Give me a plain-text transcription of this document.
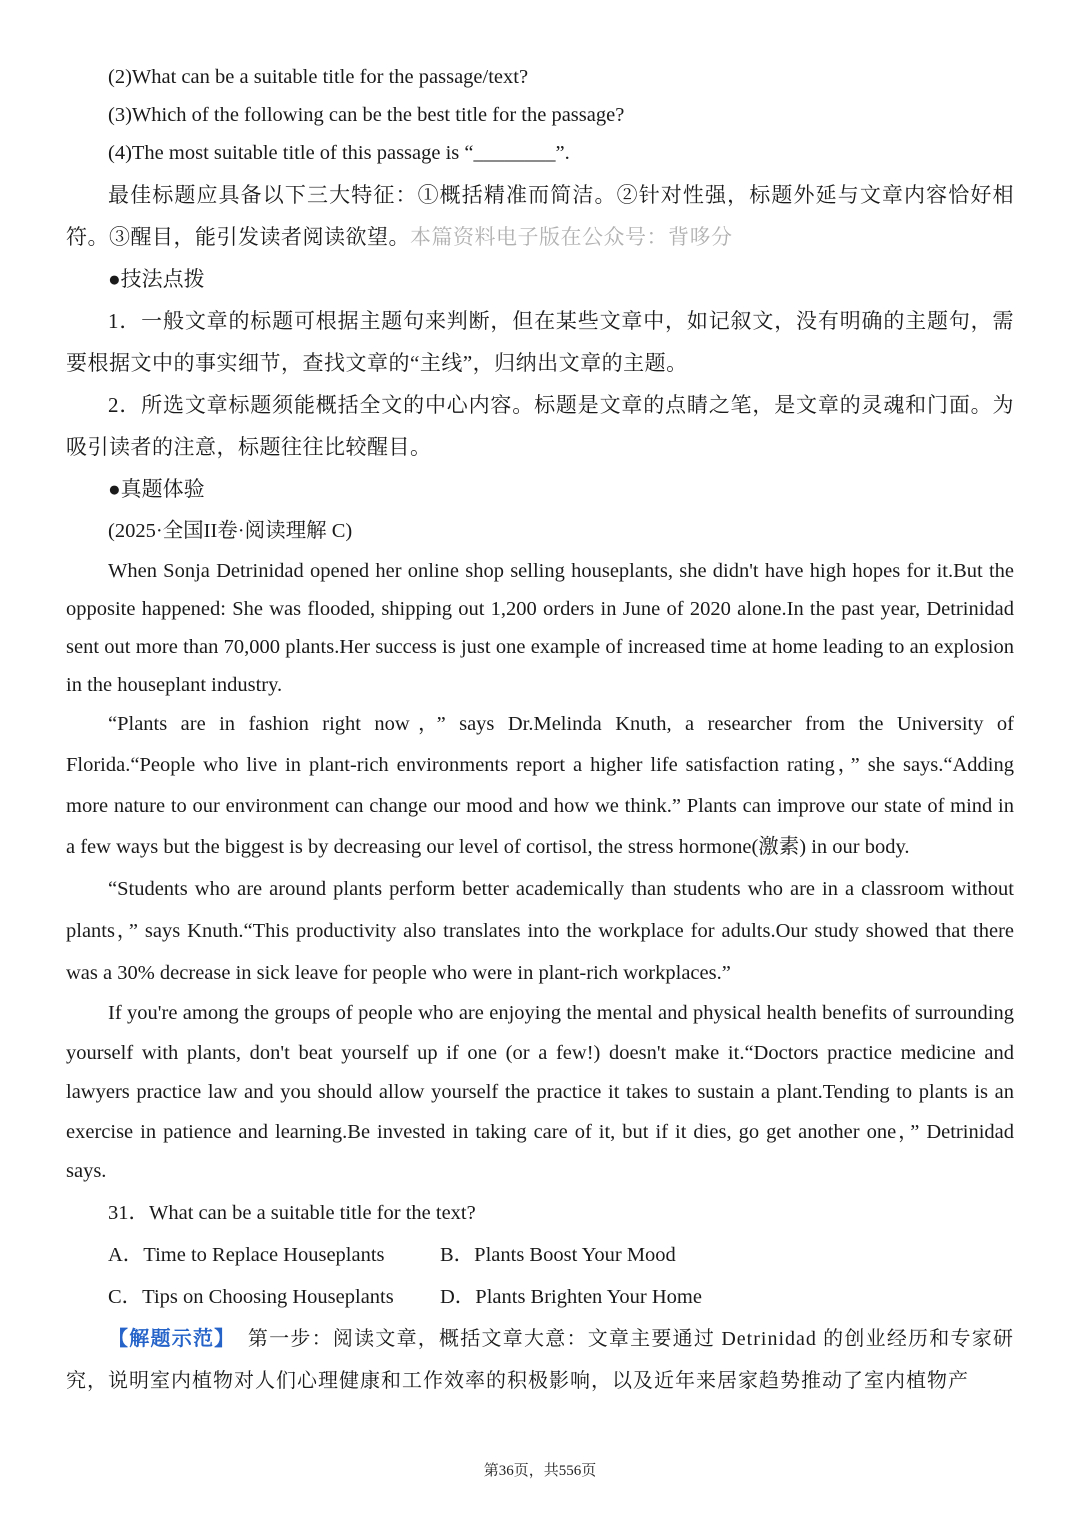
(2)What can be a suitable title for the passage/text?
(3)Which of the following can be the best title for the passage?
(4)The most suitable title of this passage is “________”.
最佳标题应具备以下三大特征：①概括精准而简洁。②针对性强，标题外延与文章内容恰好相符。③醒目，能引发读者阅读欲望。本篇资料电子版在公众号：背哆分
●技法点拨
1．一般文章的标题可根据主题句来判断，但在某些文章中，如记叙文，没有明确的主题句，需要根据文中的事实细节，查找文章的“主线”，归纳出文章的主题。
2．所选文章标题须能概括全文的中心内容。标题是文章的点睛之笔，是文章的灵魂和门面。为吸引读者的注意，标题往往比较醒目。
●真题体验
(2025·全国II卷·阅读理解 C)
When Sonja Detrinidad opened her online shop selling houseplants, she didn't have high hopes for it.But the opposite happened: She was flooded, shipping out 1,200 orders in June of 2020 alone.In the past year, Detrinidad sent out more than 70,000 plants.Her success is just one example of increased time at home leading to an explosion in the houseplant industry.
“Plants are in fashion right now，” says Dr.Melinda Knuth, a researcher from the University of Florida.“People who live in plant-rich environments report a higher life satisfaction rating，” she says.“Adding more nature to our environment can change our mood and how we think.” Plants can improve our state of mind in a few ways but the biggest is by decreasing our level of cortisol, the stress hormone(激素) in our body.
“Students who are around plants perform better academically than students who are in a classroom without plants，” says Knuth.“This productivity also translates into the workplace for adults.Our study showed that there was a 30% decrease in sick leave for people who were in plant-rich workplaces.”
If you're among the groups of people who are enjoying the mental and physical health benefits of surrounding yourself with plants, don't beat yourself up if one (or a few!) doesn't make it.“Doctors practice medicine and lawyers practice law and you should allow yourself the practice it takes to sustain a plant.Tending to plants is an exercise in patience and learning.Be invested in taking care of it, but if it dies, go get another one，” Detrinidad says.
31．What can be a suitable title for the text?
A．Time to Replace Houseplants	B．Plants Boost Your Mood
C．Tips on Choosing Houseplants D．Plants Brighten Your Home
【解题示范】 第一步：阅读文章，概括文章大意：文章主要通过 Detrinidad 的创业经历和专家研究，说明室内植物对人们心理健康和工作效率的积极影响，以及近年来居家趋势推动了室内植物产
第36页，共556页
